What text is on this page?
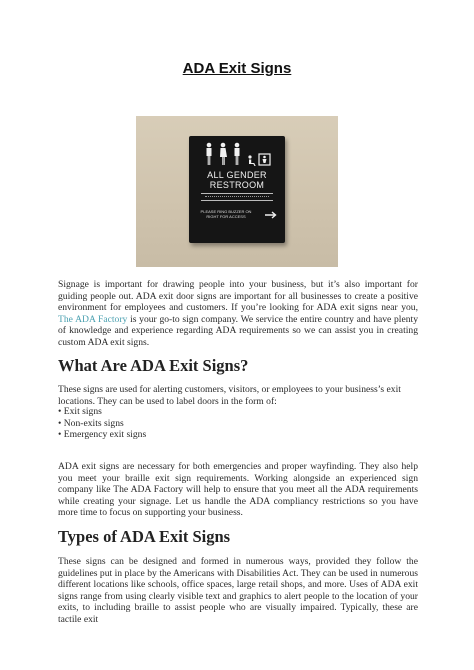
ADA Exit Signs
ALL GENDER
RESTROOM
PLEASE RING BUZZER ON RIGHT FOR ACCESS
Signage is important for drawing people into your business, but it’s also important for guiding people out. ADA exit door signs are important for all businesses to create a positive environment for employees and customers. If you’re looking for ADA exit signs near you, The ADA Factory is your go-to sign company. We service the entire country and have plenty of knowledge and experience regarding ADA requirements so we can assist you in creating custom ADA exit signs.
What Are ADA Exit Signs?
These signs are used for alerting customers, visitors, or employees to your business’s exit locations. They can be used to label doors in the form of:
• Exit signs
• Non-exits signs
• Emergency exit signs
ADA exit signs are necessary for both emergencies and proper wayfinding. They also help you meet your braille exit sign requirements. Working alongside an experienced sign company like The ADA Factory will help to ensure that you meet all the ADA requirements while creating your signage. Let us handle the ADA compliancy restrictions so you have more time to focus on supporting your business.
Types of ADA Exit Signs
These signs can be designed and formed in numerous ways, provided they follow the guidelines put in place by the Americans with Disabilities Act. They can be used in numerous different locations like schools, office spaces, large retail shops, and more. Uses of ADA exit signs range from using clearly visible text and graphics to alert people to the location of your exits, to including braille to assist people who are visually impaired. Typically, these are tactile exit
